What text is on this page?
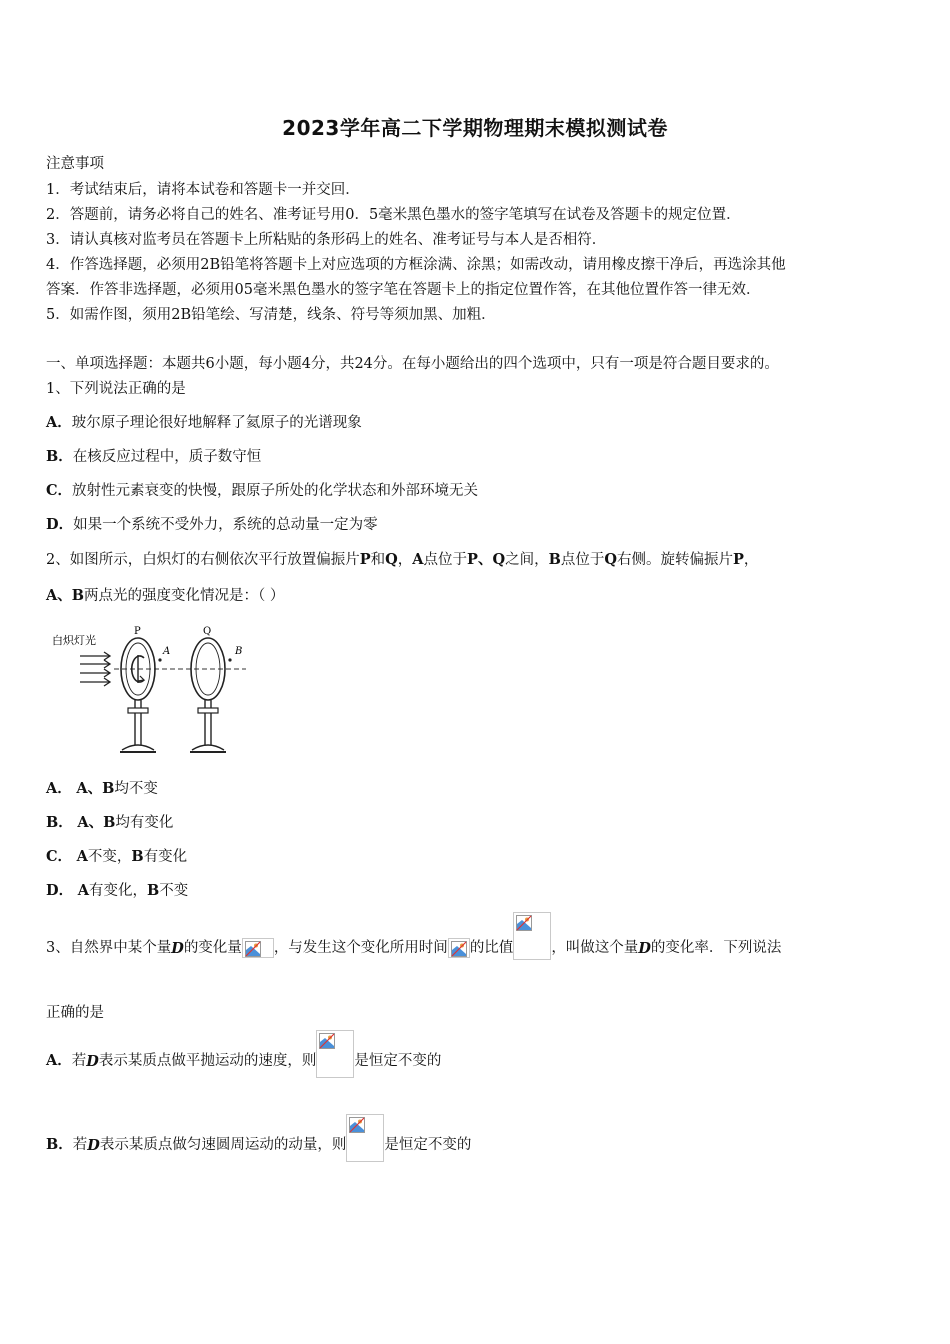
2023学年高二下学期物理期末模拟测试卷
注意事项
1．考试结束后，请将本试卷和答题卡一并交回．
2．答题前，请务必将自己的姓名、准考证号用0．5毫米黑色墨水的签字笔填写在试卷及答题卡的规定位置．
3．请认真核对监考员在答题卡上所粘贴的条形码上的姓名、准考证号与本人是否相符．
4．作答选择题，必须用2B铅笔将答题卡上对应选项的方框涂满、涂黑；如需改动，请用橡皮擦干净后，再选涂其他
答案．作答非选择题，必须用05毫米黑色墨水的签字笔在答题卡上的指定位置作答，在其他位置作答一律无效．
5．如需作图，须用2B铅笔绘、写清楚，线条、符号等须加黑、加粗．
一、单项选择题：本题共6小题，每小题4分，共24分。在每小题给出的四个选项中，只有一项是符合题目要求的。
1、下列说法正确的是
A．玻尔原子理论很好地解释了氦原子的光谱现象
B．在核反应过程中，质子数守恒
C．放射性元素衰变的快慢，跟原子所处的化学状态和外部环境无关
D．如果一个系统不受外力，系统的总动量一定为零
2、如图所示，白炽灯的右侧依次平行放置偏振片P和Q，A点位于P、Q之间，B点位于Q右侧。旋转偏振片P，
A、B两点光的强度变化情况是：（ ）
白炽灯光
P
A
Q
B
A． A、B均不变
B． A、B均有变化
C． A不变，B有变化
D． A有变化，B不变
3、自然界中某个量 D 的变化量 ，与发生这个变化所用时间 的比值	，叫做这个量 D 的变化率．下列说法
正确的是
A． 若 D 表示某质点做平抛运动的速度，则	是恒定不变的
B． 若 D 表示某质点做匀速圆周运动的动量，则	是恒定不变的
